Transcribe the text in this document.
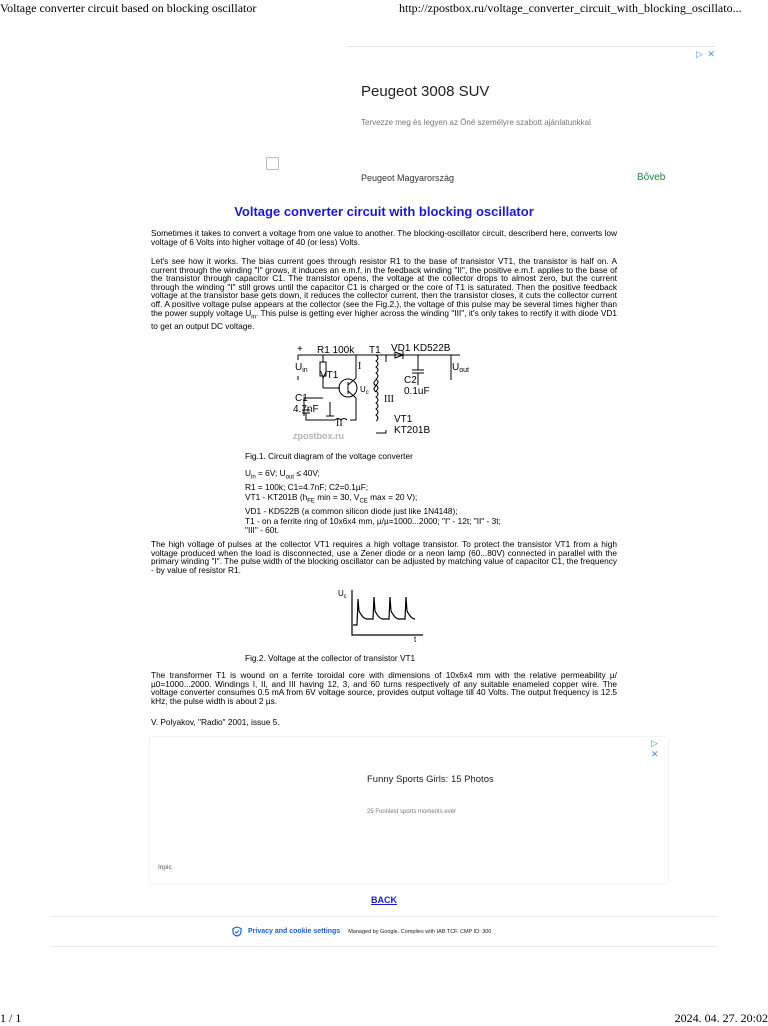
Voltage converter circuit based on blocking oscillator	http://zpostbox.ru/voltage_converter_circuit_with_blocking_oscillato...
▷ ✕
Peugeot 3008 SUV
Tervezze meg és legyen az Öné személyre szabott ajánlatunkkal
Peugeot Magyarország	Bőveb
Voltage converter circuit with blocking oscillator
Sometimes it takes to convert a voltage from one value to another. The blocking-oscillator circuit, describerd here, converts low voltage of 6 Volts into higher voltage of 40 (or less) Volts.
Let's see how it works. The bias current goes through resistor R1 to the base of transistor VT1, the transistor is half on. A current through the winding "I" grows, it induces an e.m.f. in the feedback winding "II", the positive e.m.f. applies to the base of the transistor through capacitor C1. The transistor opens, the voltage at the collector drops to almost zero, but the current through the winding "I" still grows until the capacitor C1 is charged or the core of T1 is saturated. Then the positive feedback voltage at the transistor base gets down, it reduces the collector current, then the transistor closes, it cuts the collector current off. A positive voltage pulse appears at the collector (see the Fig.2.), the voltage of this pulse may be several times higher than the power supply voltage $U_{in}$. This pulse is getting ever higher across the winding "III", it's only takes to rectify it with diode VD1 to get an output DC voltage.
+
$U_{in}$
R1 100k T1 VD1 KD522B
$U_{out}$
VT1
$U_c$
C1
4.7nF
C2
0.1uF
I
II
III
VT1
KT201B
zpostbox.ru
Fig.1. Circuit diagram of the voltage converter
$U_{in} = 6V$; $U_{out} \le 40V$;
R1 = 100k; C1=4.7nF; C2=0.1µF;
VT1 - KT201B ($h_{FE}$ min = 30, $V_{CE}$ max = 20 V);
VD1 - KD522B (a common silicon diode just like 1N4148);
T1 - on a ferrite ring of 10x6x4 mm, µ/µ=1000...2000; "I" - 12t; "II" - 3t;
"III" - 60t.
The high voltage of pulses at the collector VT1 requires a high voltage transistor. To protect the transistor VT1 from a high voltage produced when the load is disconnected, use a Zener diode or a neon lamp (60...80V) connected in parallel with the primary winding "I". The pulse width of the blocking oscillator can be adjusted by matching value of capacitor C1, the frequency - by value of resistor R1.
$U_c$
t
Fig.2. Voltage at the collector of transistor VT1
The transformer T1 is wound on a ferrite toroidal core with dimensions of 10x6x4 mm with the relative permeability µ/µ0=1000...2000. Windings I, II, and III having 12, 3, and 60 turns respectively of any suitable enameled copper wire. The voltage converter consumes 0.5 mA from 6V voltage source, provides output voltage till 40 Volts. The output frequency is 12.5 kHz, the pulse width is about 2 µs.
V. Polyakov, "Radio" 2001, issue 5.
▷ ✕
Funny Sports Girls: 15 Photos
25 Funniest sports moments ever
Inpic
BACK
Privacy and cookie settings Managed by Google. Complies with IAB TCF. CMP ID: 300
1 / 1	2024. 04. 27. 20:02
